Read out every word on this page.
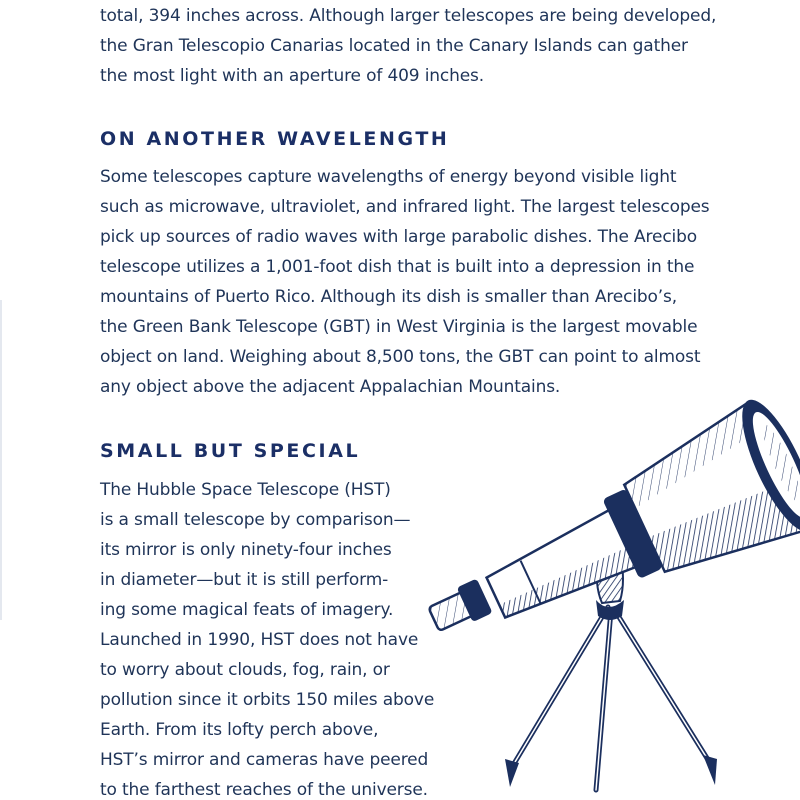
total, 394 inches across. Although larger telescopes are being developed,

the Gran Telescopio Canarias located in the Canary Islands can gather

the most light with an aperture of 409 inches.

ON ANOTHER WAVELENGTH

Some telescopes capture wavelengths of energy beyond visible light

such as microwave, ultraviolet, and infrared light. The largest telescopes

pick up sources of radio waves with large parabolic dishes. The Arecibo

telescope utilizes a 1,001-foot dish that is built into a depression in the

mountains of Puerto Rico. Although its dish is smaller than Arecibo’s,

the Green Bank Telescope (GBT) in West Virginia is the largest movable

object on land. Weighing about 8,500 tons, the GBT can point to almost

any object above the adjacent Appalachian Mountains.

SMALL BUT SPECIAL

The Hubble Space Telescope (HST)

is a small telescope by comparison—

its mirror is only ninety-four inches

in diameter—but it is still perform-

ing some magical feats of imagery.

Launched in 1990, HST does not have

to worry about clouds, fog, rain, or

pollution since it orbits 150 miles above

Earth. From its lofty perch above,

HST’s mirror and cameras have peered

to the farthest reaches of the universe.
